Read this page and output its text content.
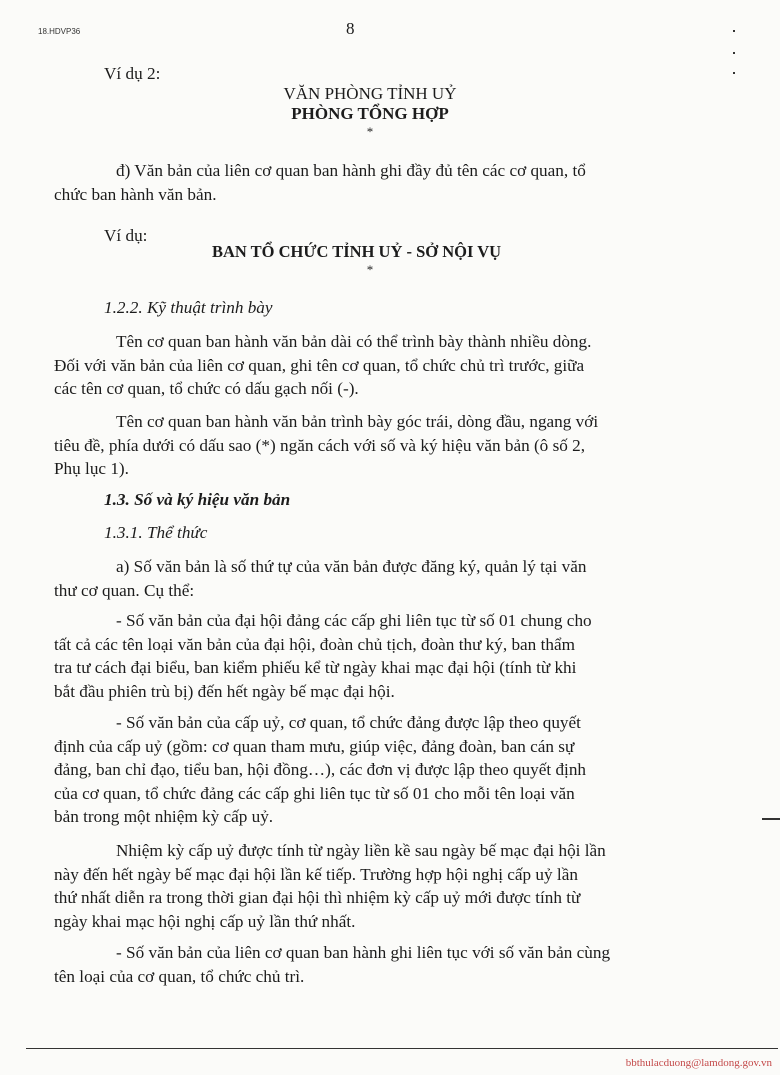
18.HDVP36	8
Ví dụ 2:
VĂN PHÒNG TỈNH UỶ
PHÒNG TỔNG HỢP
*
đ) Văn bản của liên cơ quan ban hành ghi đầy đủ tên các cơ quan, tổ
chức ban hành văn bản.
Ví dụ:
BAN TỔ CHỨC TỈNH UỶ - SỞ NỘI VỤ
*
1.2.2. Kỹ thuật trình bày
Tên cơ quan ban hành văn bản dài có thể trình bày thành nhiều dòng.
Đối với văn bản của liên cơ quan, ghi tên cơ quan, tổ chức chủ trì trước, giữa
các tên cơ quan, tổ chức có dấu gạch nối (-).
Tên cơ quan ban hành văn bản trình bày góc trái, dòng đầu, ngang với
tiêu đề, phía dưới có dấu sao (*) ngăn cách với số và ký hiệu văn bản (ô số 2,
Phụ lục 1).
1.3. Số và ký hiệu văn bản
1.3.1. Thể thức
a) Số văn bản là số thứ tự của văn bản được đăng ký, quản lý tại văn
thư cơ quan. Cụ thể:
- Số văn bản của đại hội đảng các cấp ghi liên tục từ số 01 chung cho
tất cả các tên loại văn bản của đại hội, đoàn chủ tịch, đoàn thư ký, ban thẩm
tra tư cách đại biểu, ban kiểm phiếu kể từ ngày khai mạc đại hội (tính từ khi
bắt đầu phiên trù bị) đến hết ngày bế mạc đại hội.
- Số văn bản của cấp uỷ, cơ quan, tổ chức đảng được lập theo quyết
định của cấp uỷ (gồm: cơ quan tham mưu, giúp việc, đảng đoàn, ban cán sự
đảng, ban chỉ đạo, tiểu ban, hội đồng…), các đơn vị được lập theo quyết định
của cơ quan, tổ chức đảng các cấp ghi liên tục từ số 01 cho mỗi tên loại văn
bản trong một nhiệm kỳ cấp uỷ.
Nhiệm kỳ cấp uỷ được tính từ ngày liền kề sau ngày bế mạc đại hội lần
này đến hết ngày bế mạc đại hội lần kế tiếp. Trường hợp hội nghị cấp uỷ lần
thứ nhất diễn ra trong thời gian đại hội thì nhiệm kỳ cấp uỷ mới được tính từ
ngày khai mạc hội nghị cấp uỷ lần thứ nhất.
- Số văn bản của liên cơ quan ban hành ghi liên tục với số văn bản cùng
tên loại của cơ quan, tổ chức chủ trì.
bbthulacduong@lamdong.gov.vn
